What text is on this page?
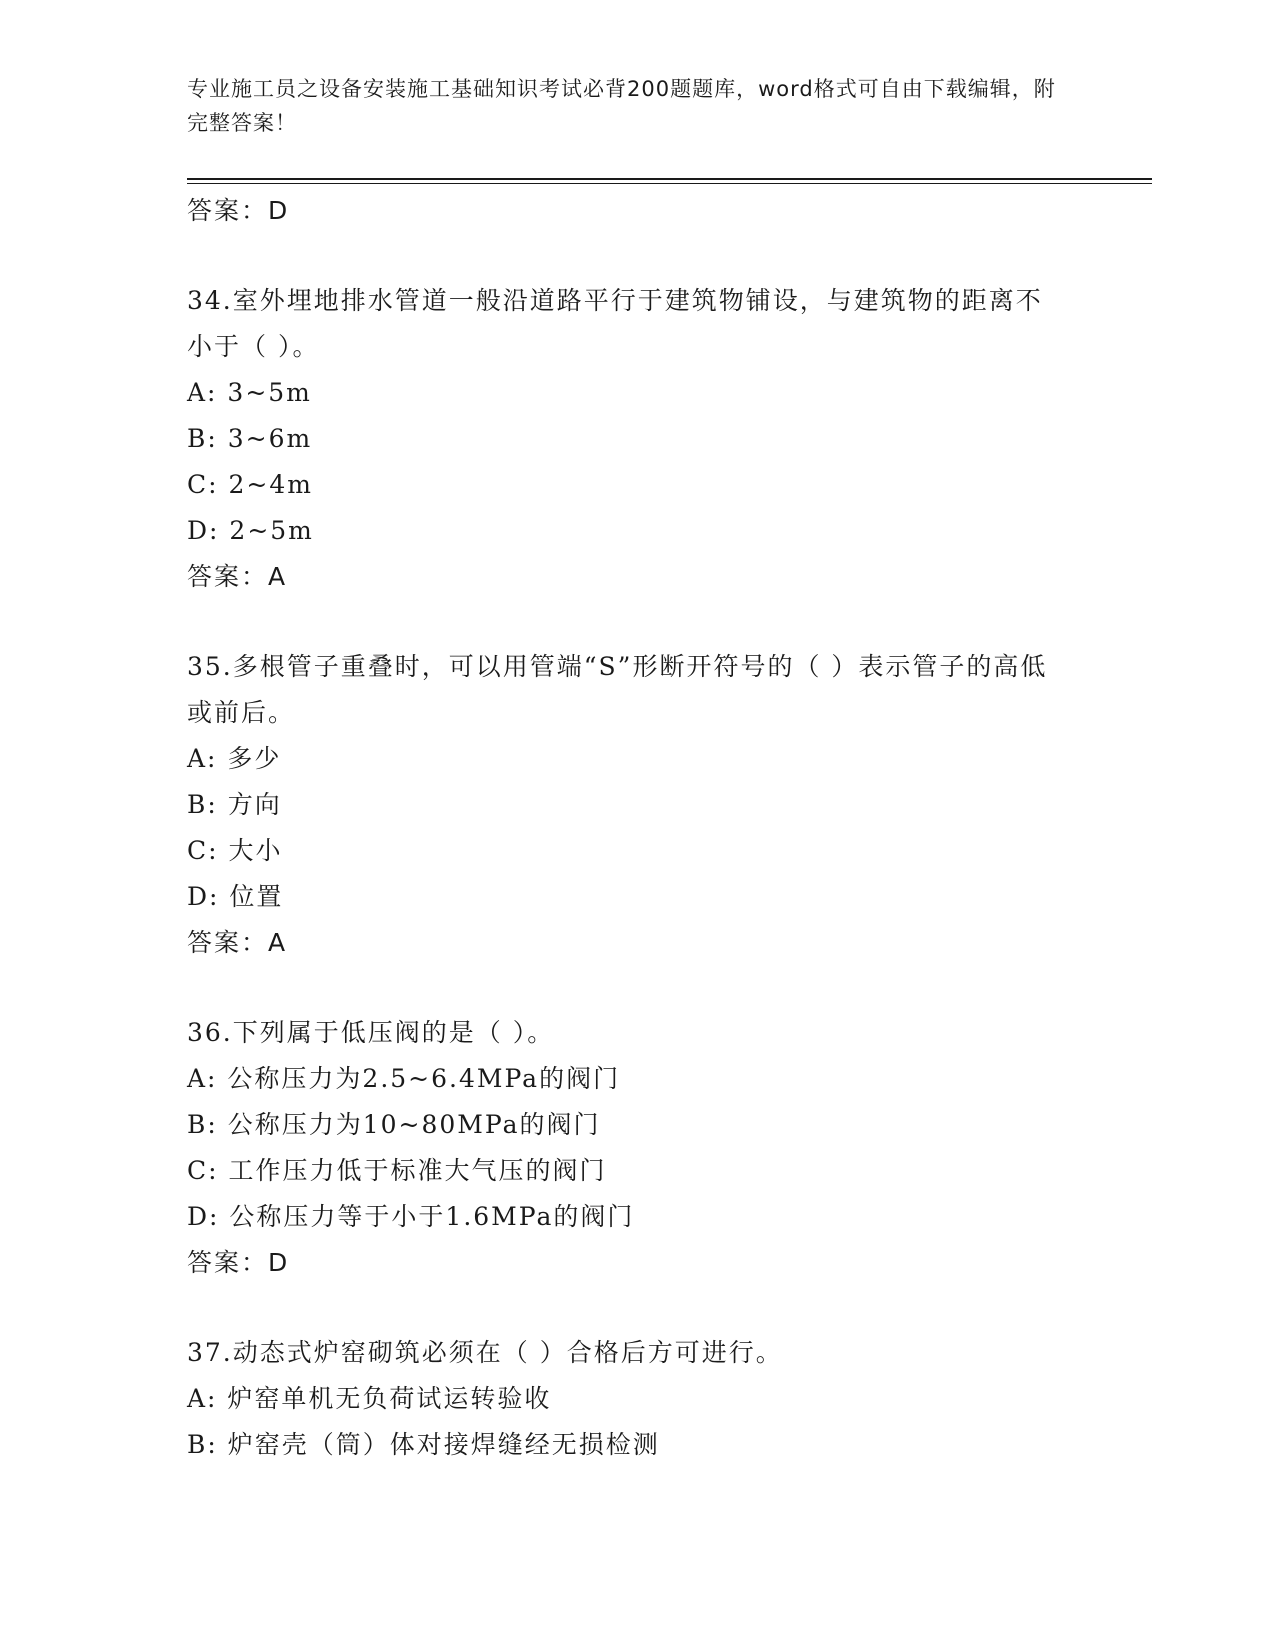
专业施工员之设备安装施工基础知识考试必背200题题库，word格式可自由下载编辑，附完整答案！
答案：D
34.室外埋地排水管道一般沿道路平行于建筑物铺设，与建筑物的距离不小于（ ）。
A: 3~5m
B: 3~6m
C: 2~4m
D: 2~5m
答案：A
35.多根管子重叠时，可以用管端“S”形断开符号的（ ）表示管子的高低或前后。
A: 多少
B: 方向
C: 大小
D: 位置
答案：A
36.下列属于低压阀的是（ ）。
A: 公称压力为2.5~6.4MPa的阀门
B: 公称压力为10~80MPa的阀门
C: 工作压力低于标准大气压的阀门
D: 公称压力等于小于1.6MPa的阀门
答案：D
37.动态式炉窑砌筑必须在（ ）合格后方可进行。
A: 炉窑单机无负荷试运转验收
B: 炉窑壳（筒）体对接焊缝经无损检测
